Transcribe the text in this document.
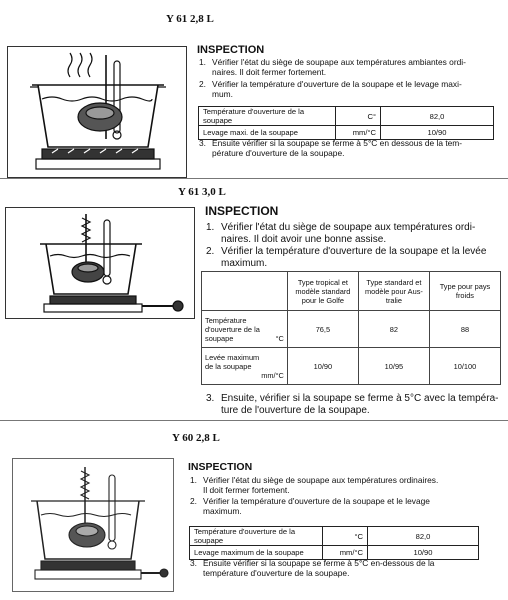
Y 61 2,8 L
INSPECTION
1. Vérifier l'état du siège de soupape aux températures ambiantes ordi-
naires. Il doit fermer fortement.
2. Vérifier la température d'ouverture de la soupape et le levage maxi-
mum.
Température d'ouverture de la soupape	C°	82,0
Levage maxi. de la soupape	mm/°C	10/90
3. Ensuite vérifier si la soupape se ferme à 5°C en dessous de la tem-
pérature d'ouverture de la soupape.
Y 61 3,0 L
INSPECTION
1. Vérifier l'état du siège de soupape aux températures ordi-
naires. Il doit avoir une bonne assise.
2. Vérifier la température d'ouverture de la soupape et la levée
maximum.
	Type tropical et
modèle standard
pour le Golfe	Type standard et
modèle pour Aus-
tralie	Type pour pays
froids
Température
d'ouverture de la
soupape °C	76,5	82	88
Levée maximum
de la soupape

mm/°C	10/90	10/95	10/100
3. Ensuite, vérifier si la soupape se ferme à 5°C avec la tempéra-
ture de l'ouverture de la soupape.
Y 60 2,8 L
INSPECTION
1. Vérifier l'état du siège de soupape aux températures ordinaires.
Il doit fermer fortement.
2. Vérifier la température d'ouverture de la soupape et le levage
maximum.
Température d'ouverture de la soupape	°C	82,0
Levage maximum de la soupape	mm/°C	10/90
3. Ensuite vérifier si la soupape se ferme à 5°C en-dessous de la
température d'ouverture de la soupape.
